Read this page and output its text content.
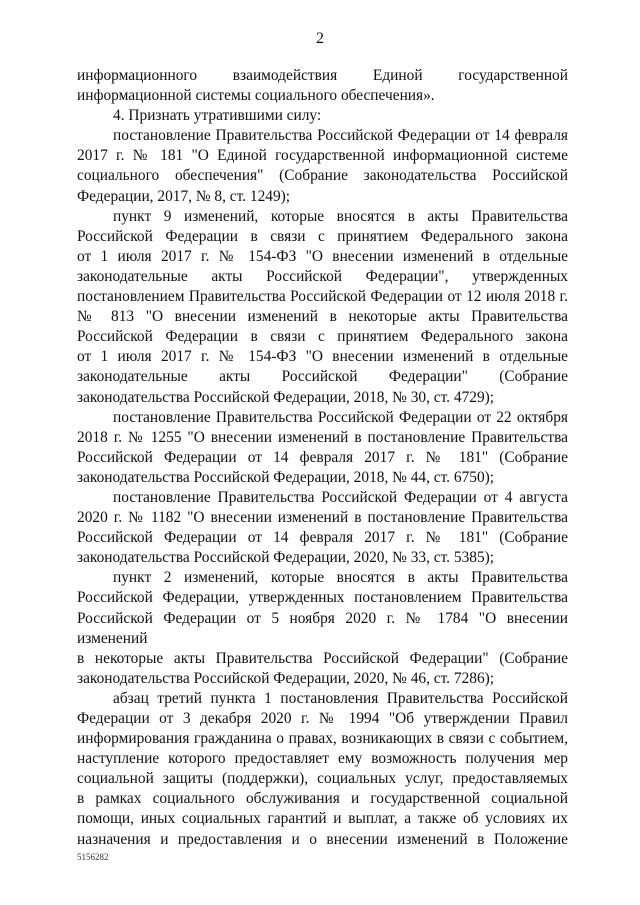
2

информационного взаимодействия Единой государственной

информационной системы социального обеспечения».

4. Признать утратившими силу:

постановление Правительства Российской Федерации от 14 февраля

2017 г. № 181 "О Единой государственной информационной системе

социального обеспечения" (Собрание законодательства Российской

Федерации, 2017, № 8, ст. 1249);

пункт 9 изменений, которые вносятся в акты Правительства

Российской Федерации в связи с принятием Федерального закона

от 1 июля 2017 г. № 154-ФЗ "О внесении изменений в отдельные

законодательные акты Российской Федерации", утвержденных

постановлением Правительства Российской Федерации от 12 июля 2018 г.

№ 813 "О внесении изменений в некоторые акты Правительства

Российской Федерации в связи с принятием Федерального закона

от 1 июля 2017 г. № 154-ФЗ "О внесении изменений в отдельные

законодательные акты Российской Федерации" (Собрание

законодательства Российской Федерации, 2018, № 30, ст. 4729);

постановление Правительства Российской Федерации от 22 октября

2018 г. № 1255 "О внесении изменений в постановление Правительства

Российской Федерации от 14 февраля 2017 г. № 181" (Собрание

законодательства Российской Федерации, 2018, № 44, ст. 6750);

постановление Правительства Российской Федерации от 4 августа

2020 г. № 1182 "О внесении изменений в постановление Правительства

Российской Федерации от 14 февраля 2017 г. № 181" (Собрание

законодательства Российской Федерации, 2020, № 33, ст. 5385);

пункт 2 изменений, которые вносятся в акты Правительства

Российской Федерации, утвержденных постановлением Правительства

Российской Федерации от 5 ноября 2020 г. № 1784 "О внесении изменений

в некоторые акты Правительства Российской Федерации" (Собрание

законодательства Российской Федерации, 2020, № 46, ст. 7286);

абзац третий пункта 1 постановления Правительства Российской

Федерации от 3 декабря 2020 г. № 1994 "Об утверждении Правил

информирования гражданина о правах, возникающих в связи с событием,

наступление которого предоставляет ему возможность получения мер

социальной защиты (поддержки), социальных услуг, предоставляемых

в рамках социального обслуживания и государственной социальной

помощи, иных социальных гарантий и выплат, а также об условиях их

назначения и предоставления и о внесении изменений в Положение

5156282
